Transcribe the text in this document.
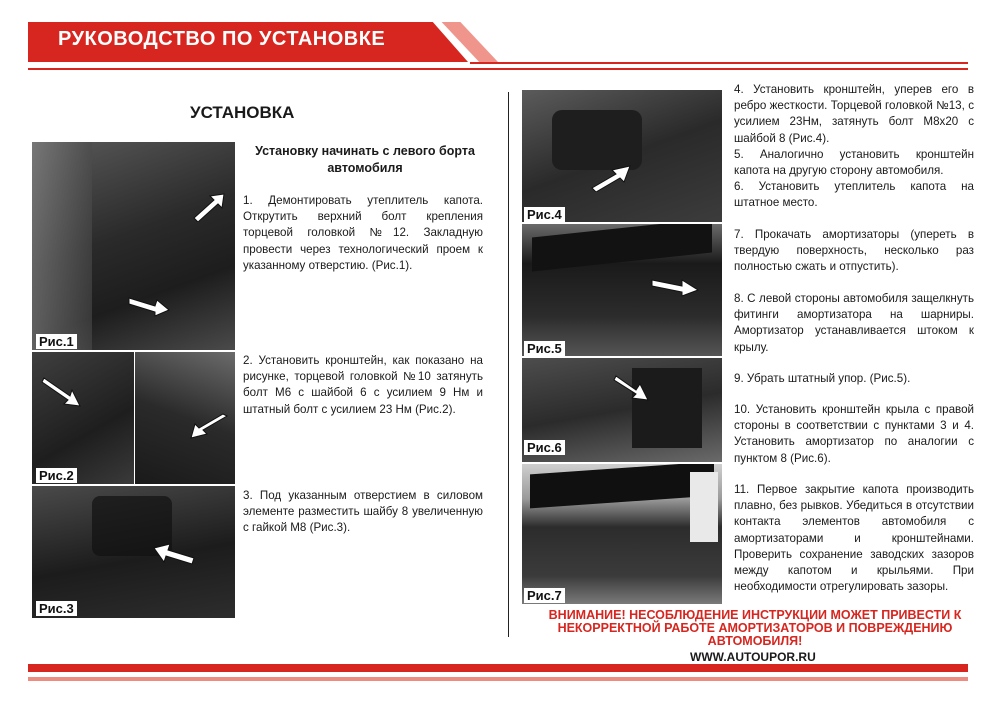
РУКОВОДСТВО ПО УСТАНОВКЕ
УСТАНОВКА
Установку начинать с левого борта автомобиля
Рис.1
Рис.2
Рис.3
1. Демонтировать утеплитель капота. Открутить верхний болт крепления торцевой головкой №12. Закладную провести через технологический проем к указанному отверстию. (Рис.1).
2. Установить кронштейн, как показано на рисунке, торцевой головкой №10 затянуть болт М6 с шайбой 6 с усилием 9 Нм и штатный болт с усилием 23 Нм (Рис.2).
3. Под указанным отверстием в силовом элементе разместить шайбу 8 увеличенную с гайкой М8 (Рис.3).
Рис.4
Рис.5
Рис.6
Рис.7
4. Установить кронштейн, уперев его в ребро жесткости. Торцевой головкой №13, с усилием 23Нм, затянуть болт М8х20 с шайбой 8 (Рис.4).
5. Аналогично установить кронштейн капота на другую сторону автомобиля.
6. Установить утеплитель капота на штатное место.
7. Прокачать амортизаторы (упереть в твердую поверхность, несколько раз полностью сжать и отпустить).
8. С левой стороны автомобиля защелкнуть фитинги амортизатора на шарниры. Амортизатор устанавливается штоком к крылу.
9. Убрать штатный упор. (Рис.5).
10. Установить кронштейн крыла с правой стороны в соответствии с пунктами 3 и 4. Установить амортизатор по аналогии с пунктом 8 (Рис.6).
11. Первое закрытие капота производить плавно, без рывков. Убедиться в отсутствии контакта элементов автомобиля с амортизаторами и кронштейнами. Проверить сохранение заводских зазоров между капотом и крыльями. При необходимости отрегулировать зазоры.
ВНИМАНИЕ! НЕСОБЛЮДЕНИЕ ИНСТРУКЦИИ МОЖЕТ ПРИВЕСТИ К НЕКОРРЕКТНОЙ РАБОТЕ АМОРТИЗАТОРОВ И ПОВРЕЖДЕНИЮ АВТОМОБИЛЯ!
WWW.AUTOUPOR.RU
